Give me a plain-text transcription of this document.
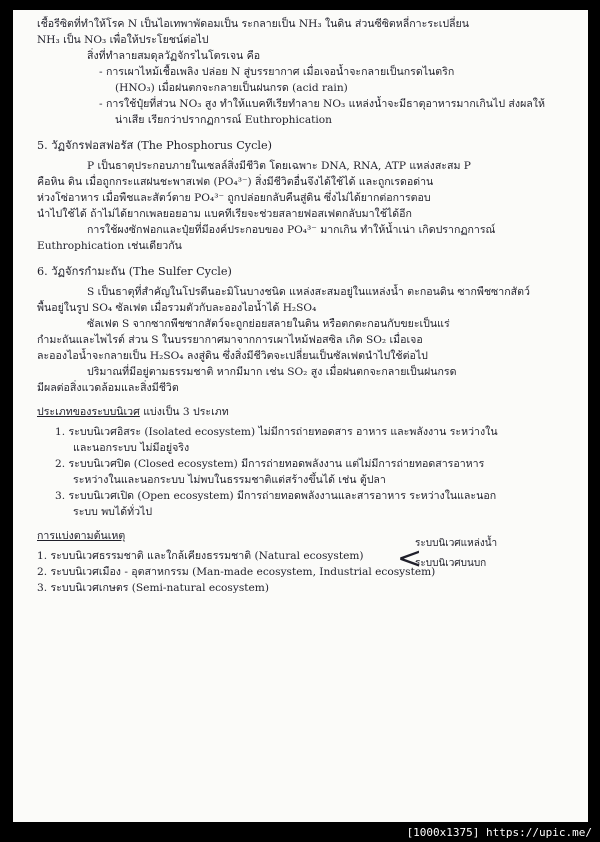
เชื้อรีซิตที่ทำให้โรค N เป็นไอเทพาพัดอมเป็น ระกลายเป็น NH₃ ในดิน ส่วนซีซิตหลี่กาะระเปลี่ยน
NH₃ เป็น NO₃ เพื่อให้ประโยชน์ต่อไป
สิ่งที่ทำลายสมดุลวัฏจักรไนโตรเจน คือ
- การเผาไหม้เชื้อเพลิง ปล่อย N สู่บรรยากาศ เมื่อเจอน้ำจะกลายเป็นกรดไนตริก
(HNO₃) เมื่อฝนตกจะกลายเป็นฝนกรด (acid rain)
- การใช้ปุ๋ยที่ส่วน NO₃ สูง ทำให้แบคทีเรียทำลาย NO₃ แหล่งน้ำจะมีธาตุอาหารมากเกินไป ส่งผลให้
น่าเสีย เรียกว่าปรากฏการณ์ Euthrophication
5. วัฏจักรฟอสฟอรัส (The Phosphorus Cycle)
P เป็นธาตุประกอบภายในเซลล์สิ่งมีชีวิต โดยเฉพาะ DNA, RNA, ATP แหล่งสะสม P
คือหิน ดิน เมื่อถูกกระแสฝนชะพาสเฟต (PO₄³⁻) สิ่งมีชีวิตอื่นจึงได้ใช้ได้ และถูกเรดอด่าน
ห่วงโซ่อาหาร เมื่อพืชและสัตว์ตาย PO₄³⁻ ถูกปล่อยกลับคืนสู่ดิน ซึ่งไม่ได้ยากต่อการตอบ
นำไปใช้ได้ ถ้าไม่ได้ยากเพลยอยอาม แบคทีเรียจะช่วยสลายฟอสเฟตกลับมาใช้ได้อีก
การใช้ผงซักฟอกและปุ๋ยที่มีองค์ประกอบของ PO₄³⁻ มากเกิน ทำให้น้ำเน่า เกิดปรากฏการณ์
Euthrophication เช่นเดียวกัน
6. วัฏจักรกำมะถัน (The Sulfer Cycle)
S เป็นธาตุที่สำคัญในโปรตีนอะมิโนบางชนิด แหล่งสะสมอยู่ในแหล่งน้ำ ตะกอนดิน ซากพืชซากสัตว์
พื้นอยู่ในรูป SO₄ ซัลเฟต เมื่อรวมตัวกับละอองไอน้ำได้ H₂SO₄
ซัลเฟต S จากซากพืชซากสัตว์จะถูกย่อยสลายในดิน หรือตกตะกอนกับขยะเป็นแร่
กำมะถันและไพไรต์ ส่วน S ในบรรยากาศมาจากการเผาไหม้ฟอสซิล เกิด SO₂ เมื่อเจอ
ละอองไอน้ำจะกลายเป็น H₂SO₄ ลงสู่ดิน ซึ่งสิ่งมีชีวิตจะเปลี่ยนเป็นซัลเฟตนำไปใช้ต่อไป
ปริมาณที่มีอยู่ตามธรรมชาติ หากมีมาก เช่น SO₂ สูง เมื่อฝนตกจะกลายเป็นฝนกรด
มีผลต่อสิ่งแวดล้อมและสิ่งมีชีวิต
ประเภทของระบบนิเวศ แบ่งเป็น 3 ประเภท
1. ระบบนิเวศอิสระ (Isolated ecosystem) ไม่มีการถ่ายทอดสาร อาหาร และพลังงาน ระหว่างใน
และนอกระบบ ไม่มีอยู่จริง
2. ระบบนิเวศปิด (Closed ecosystem) มีการถ่ายทอดพลังงาน แต่ไม่มีการถ่ายทอดสารอาหาร
ระหว่างในและนอกระบบ ไม่พบในธรรมชาติแต่สร้างขึ้นได้ เช่น ตู้ปลา
3. ระบบนิเวศเปิด (Open ecosystem) มีการถ่ายทอดพลังงานและสารอาหาร ระหว่างในและนอก
ระบบ พบได้ทั่วไป
การแบ่งตามต้นเหตุ
1. ระบบนิเวศธรรมชาติ และใกล้เคียงธรรมชาติ (Natural ecosystem)	<
ระบบนิเวศแหล่งน้ำ
ระบบนิเวศบนบก
2. ระบบนิเวศเมือง - อุตสาหกรรม (Man-made ecosystem, Industrial ecosystem)
3. ระบบนิเวศเกษตร (Semi-natural ecosystem)
[1000x1375] https://upic.me/
